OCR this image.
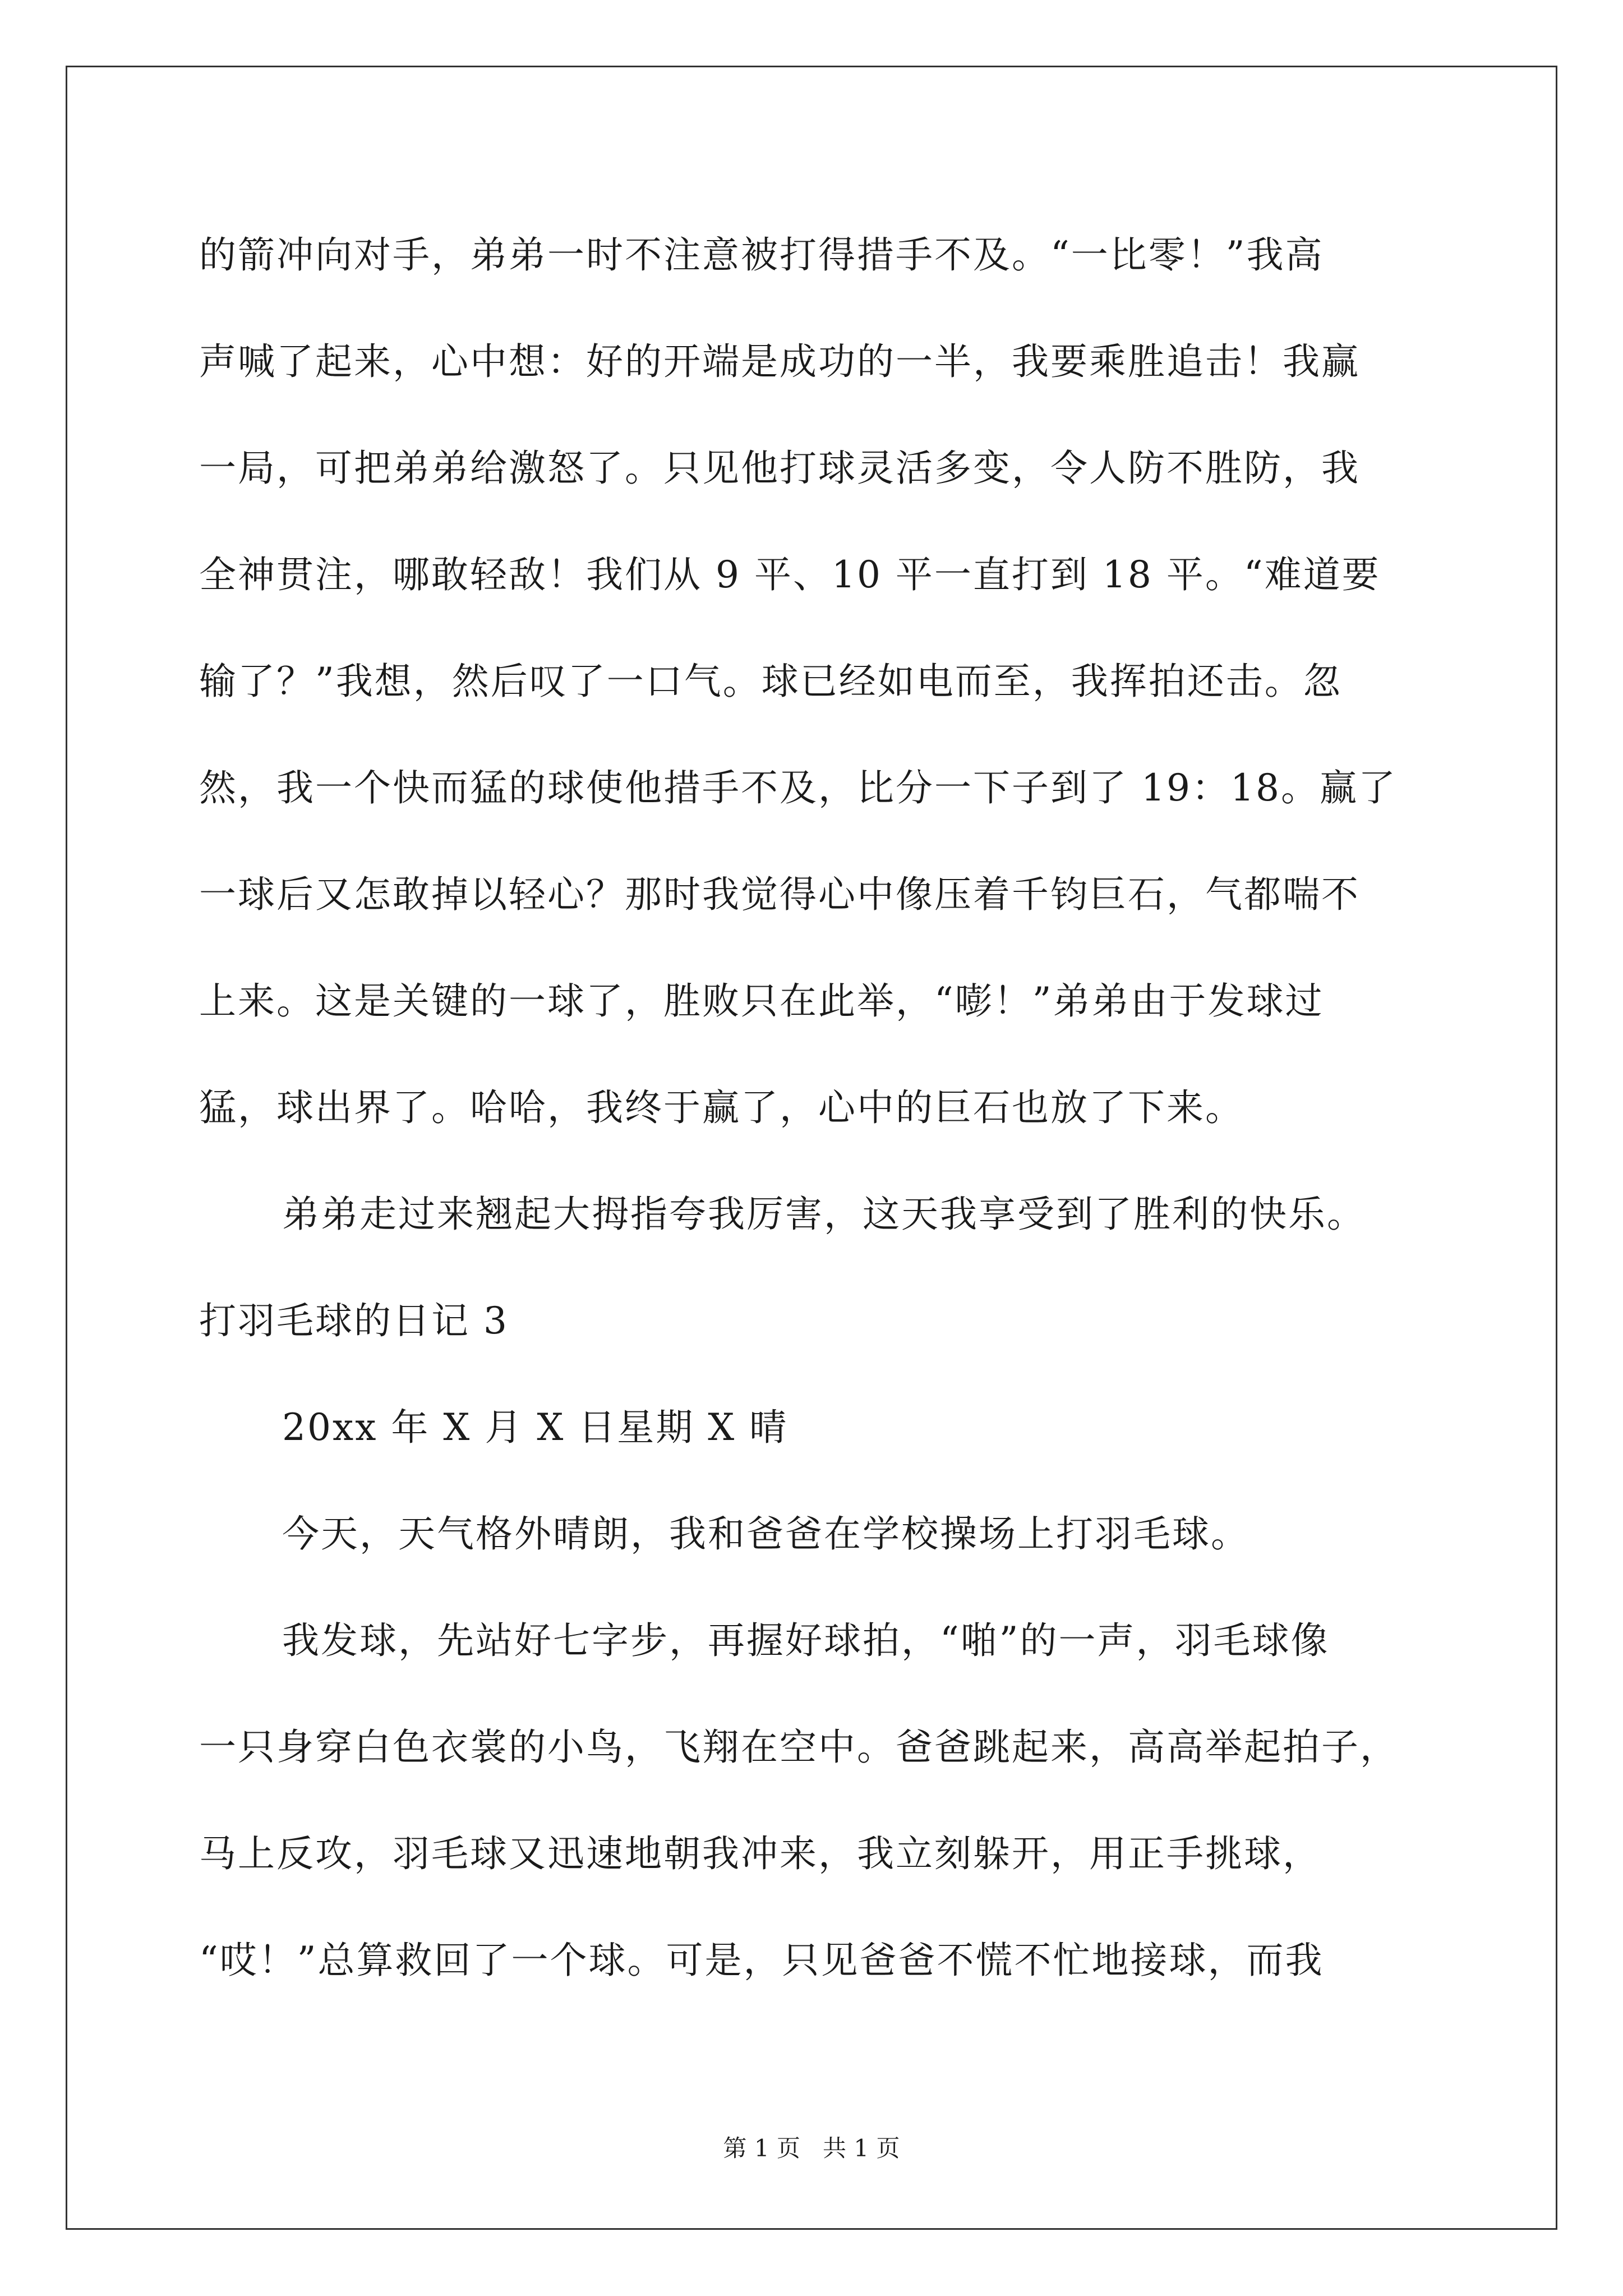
的箭冲向对手，弟弟一时不注意被打得措手不及。“一比零！”我高
声喊了起来，心中想：好的开端是成功的一半，我要乘胜追击！我赢
一局，可把弟弟给激怒了。只见他打球灵活多变，令人防不胜防，我
全神贯注，哪敢轻敌！我们从 9 平、10 平一直打到 18 平。“难道要
输了？”我想，然后叹了一口气。球已经如电而至，我挥拍还击。忽
然，我一个快而猛的球使他措手不及，比分一下子到了 19：18。赢了
一球后又怎敢掉以轻心？那时我觉得心中像压着千钧巨石，气都喘不
上来。这是关键的一球了，胜败只在此举，“嘭！”弟弟由于发球过
猛，球出界了。哈哈，我终于赢了，心中的巨石也放了下来。
弟弟走过来翘起大拇指夸我厉害，这天我享受到了胜利的快乐。
打羽毛球的日记 3
20xx 年 X 月 X 日星期 X 晴
今天，天气格外晴朗，我和爸爸在学校操场上打羽毛球。
我发球，先站好七字步，再握好球拍，“啪”的一声，羽毛球像
一只身穿白色衣裳的小鸟，飞翔在空中。爸爸跳起来，高高举起拍子，
马上反攻，羽毛球又迅速地朝我冲来，我立刻躲开，用正手挑球，
“哎！”总算救回了一个球。可是，只见爸爸不慌不忙地接球，而我
第 1 页   共 1 页
